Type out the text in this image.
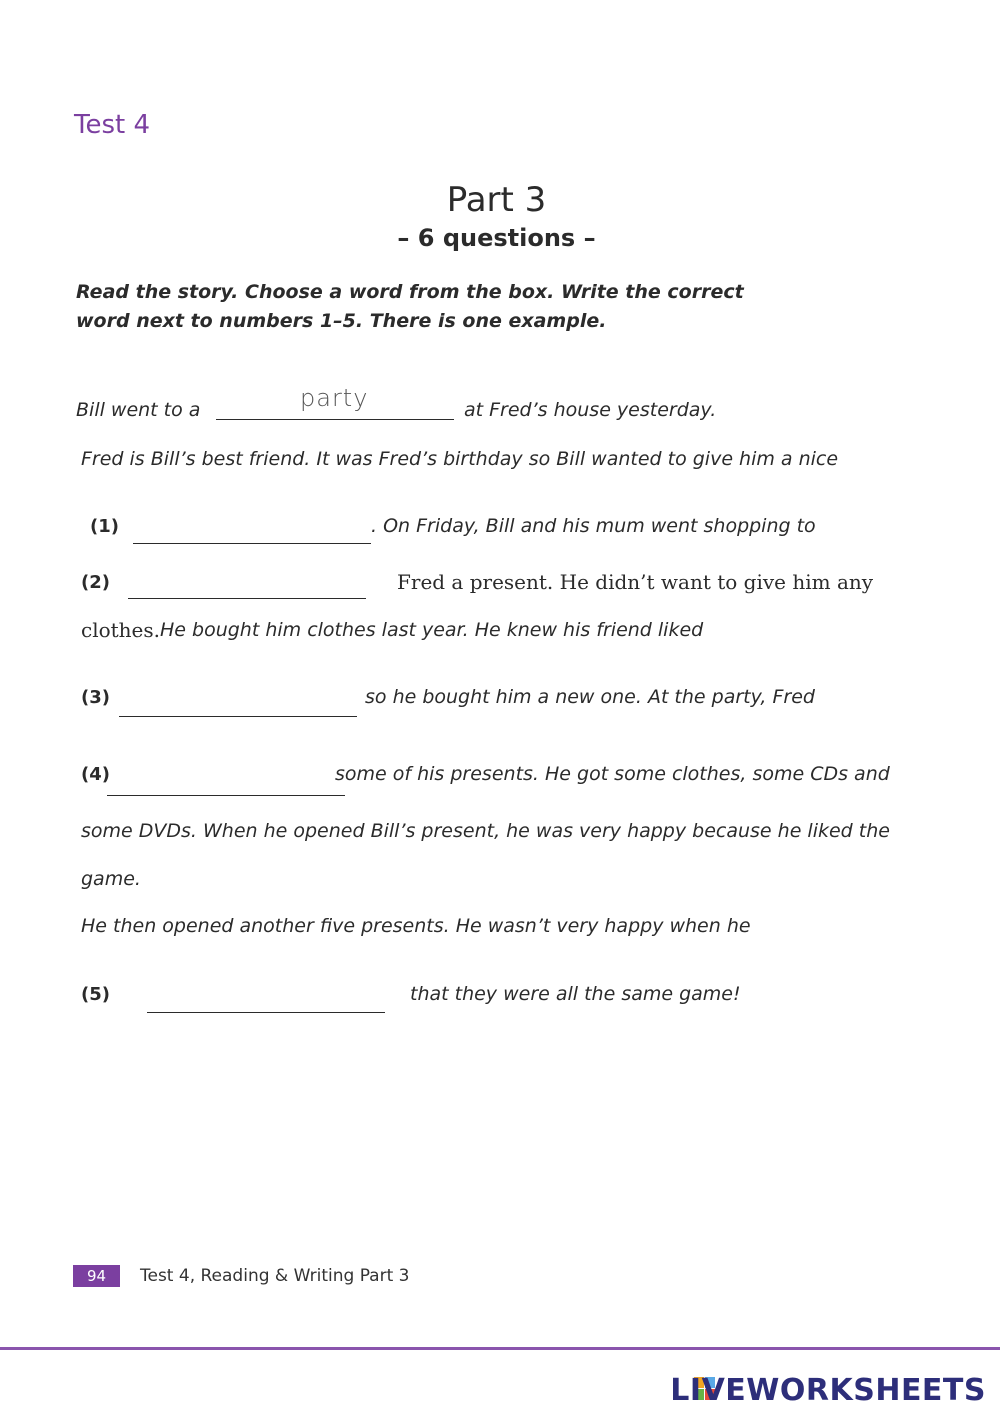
Test 4
Part 3
– 6 questions –
Read the story. Choose a word from the box. Write the correct
word next to numbers 1–5. There is one example.
Bill went to a	party	at Fred’s house yesterday.
Fred is Bill’s best friend. It was Fred’s birthday so Bill wanted to give him a nice
(1)	. On Friday, Bill and his mum went shopping to
(2)	Fred a present. He didn’t want to give him any
clothes. He bought him clothes last year. He knew his friend liked
(3)	so he bought him a new one. At the party, Fred
(4)	some of his presents. He got some clothes, some CDs and
some DVDs. When he opened Bill’s present, he was very happy because he liked the
game.
He then opened another five presents. He wasn’t very happy when he
(5)	that they were all the same game!
94	Test 4, Reading & Writing Part 3
LIVEWORKSHEETS
